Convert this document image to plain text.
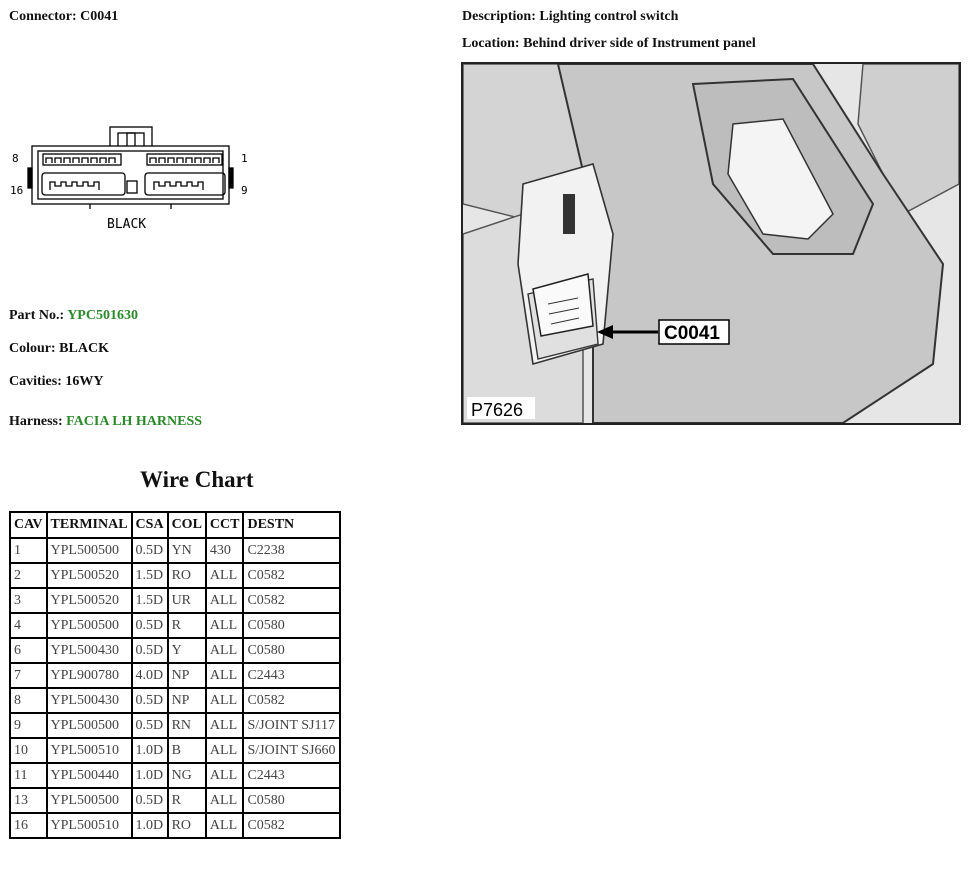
Connector: C0041	Description: Lighting control switch
Location: Behind driver side of Instrument panel
8	1
16	9
BLACK
Part No.: YPC501630
Colour: BLACK
Cavities: 16WY
Harness: FACIA LH HARNESS
C0041
P7626
Wire Chart
CAV	TERMINAL	CSA	COL	CCT	DESTN
1	YPL500500	0.5D	YN	430	C2238
2	YPL500520	1.5D	RO	ALL	C0582
3	YPL500520	1.5D	UR	ALL	C0582
4	YPL500500	0.5D	R	ALL	C0580
6	YPL500430	0.5D	Y	ALL	C0580
7	YPL900780	4.0D	NP	ALL	C2443
8	YPL500430	0.5D	NP	ALL	C0582
9	YPL500500	0.5D	RN	ALL	S/JOINT SJ117
10	YPL500510	1.0D	B	ALL	S/JOINT SJ660
11	YPL500440	1.0D	NG	ALL	C2443
13	YPL500500	0.5D	R	ALL	C0580
16	YPL500510	1.0D	RO	ALL	C0582
